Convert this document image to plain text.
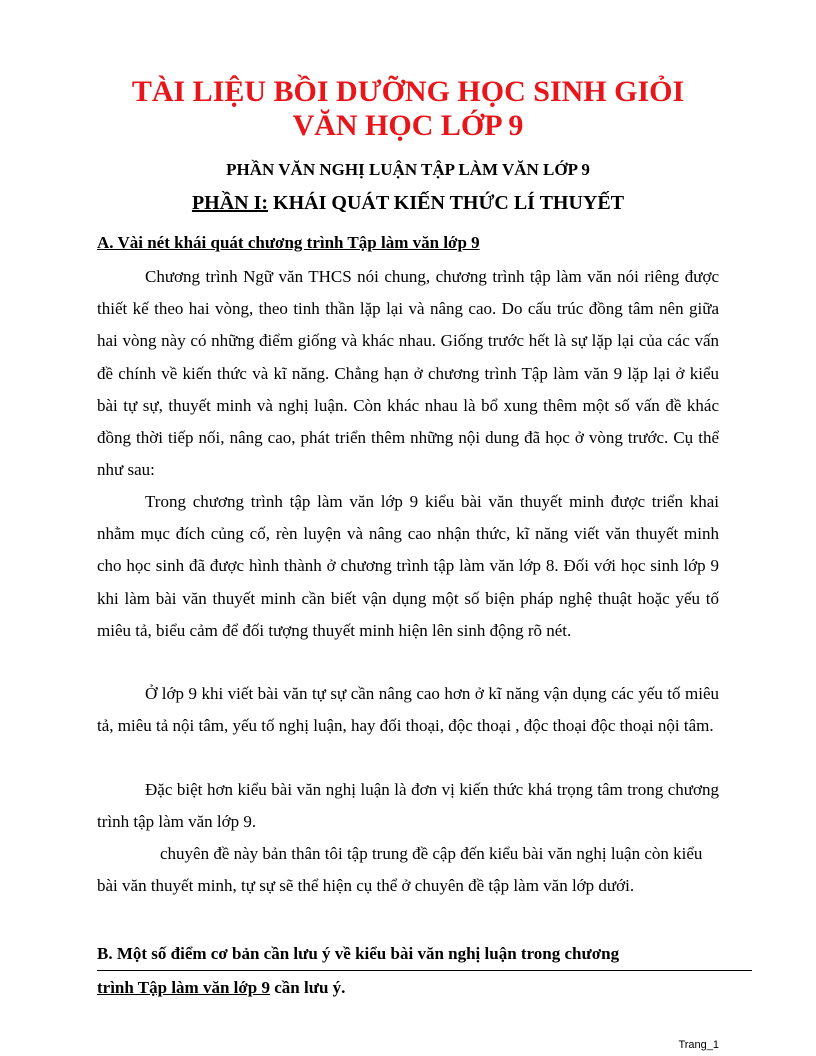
TÀI LIỆU BỒI DƯỠNG HỌC SINH GIỎI
VĂN HỌC LỚP 9
PHẦN VĂN NGHỊ LUẬN TẬP LÀM VĂN LỚP 9
PHẦN I: KHÁI QUÁT KIẾN THỨC LÍ THUYẾT
A. Vài nét khái quát chương trình Tập làm văn lớp 9

Chương trình Ngữ văn THCS nói chung, chương trình tập làm văn nói riêng được thiết kế theo hai vòng, theo tinh thần lặp lại và nâng cao. Do cấu trúc đồng tâm nên giữa hai vòng này có những điểm giống và khác nhau. Giống trước hết là sự lặp lại của các vấn đề chính về kiến thức và kĩ năng. Chẳng hạn ở chương trình Tập làm văn 9 lặp lại ở kiểu bài tự sự, thuyết minh và nghị luận. Còn khác nhau là bổ xung thêm một số vấn đề khác đồng thời tiếp nối, nâng cao, phát triển thêm những nội dung đã học ở vòng trước. Cụ thể như sau:

Trong chương trình tập làm văn lớp 9 kiểu bài văn thuyết minh được triển khai nhằm mục đích củng cố, rèn luyện và nâng cao nhận thức, kĩ năng viết văn thuyết minh cho học sinh đã được hình thành ở chương trình tập làm văn lớp 8. Đối với học sinh lớp 9 khi làm bài văn thuyết minh cần biết vận dụng một số biện pháp nghệ thuật hoặc yếu tố miêu tả, biểu cảm để đối tượng thuyết minh hiện lên sinh động rõ nét.

Ở lớp 9 khi viết bài văn tự sự cần nâng cao hơn ở kĩ năng vận dụng các yếu tố miêu tả, miêu tả nội tâm, yếu tố nghị luận, hay đối thoại, độc thoại , độc thoại độc thoại nội tâm.

Đặc biệt hơn kiểu bài văn nghị luận là đơn vị kiến thức khá trọng tâm trong chương trình tập làm văn lớp 9.

chuyên đề này bản thân tôi tập trung đề cập đến kiểu bài văn nghị luận còn kiểu bài văn thuyết minh, tự sự sẽ thể hiện cụ thể ở chuyên đề tập làm văn lớp dưới.

B. Một số điểm cơ bản cần lưu ý về kiểu bài văn nghị luận trong chương
trình Tập làm văn lớp 9 cần lưu ý.
Trang_1
